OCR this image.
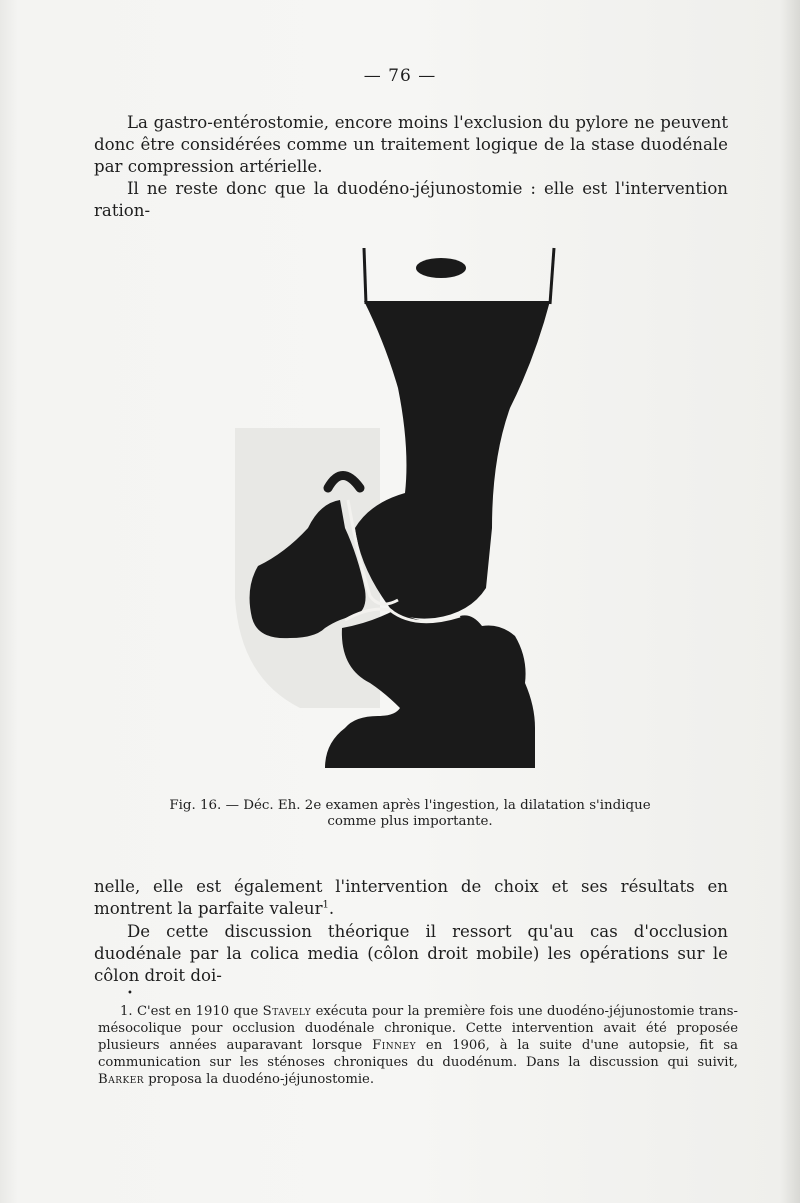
— 76 —

La gastro-entérostomie, encore moins l'exclusion du pylore ne peuvent donc être considérées comme un traitement logique de la stase duodénale par compression artérielle.

Il ne reste donc que la duodéno-jéjunostomie : elle est l'intervention ration-

Fig. 16. — Déc. Eh. 2e examen après l'ingestion, la dilatation s'indique
comme plus importante.

nelle, elle est également l'intervention de choix et ses résultats en montrent la parfaite valeur$^1$.

De cette discussion théorique il ressort qu'au cas d'occlusion duodénale par la colica media (côlon droit mobile) les opérations sur le côlon droit doi-

•

1. C'est en 1910 que Stavely exécuta pour la première fois une duodéno-jéjunostomie trans-mésocolique pour occlusion duodénale chronique. Cette intervention avait été proposée plusieurs années auparavant lorsque Finney en 1906, à la suite d'une autopsie, fit sa communication sur les sténoses chroniques du duodénum. Dans la discussion qui suivit, Barker proposa la duodéno-jéjunostomie.
